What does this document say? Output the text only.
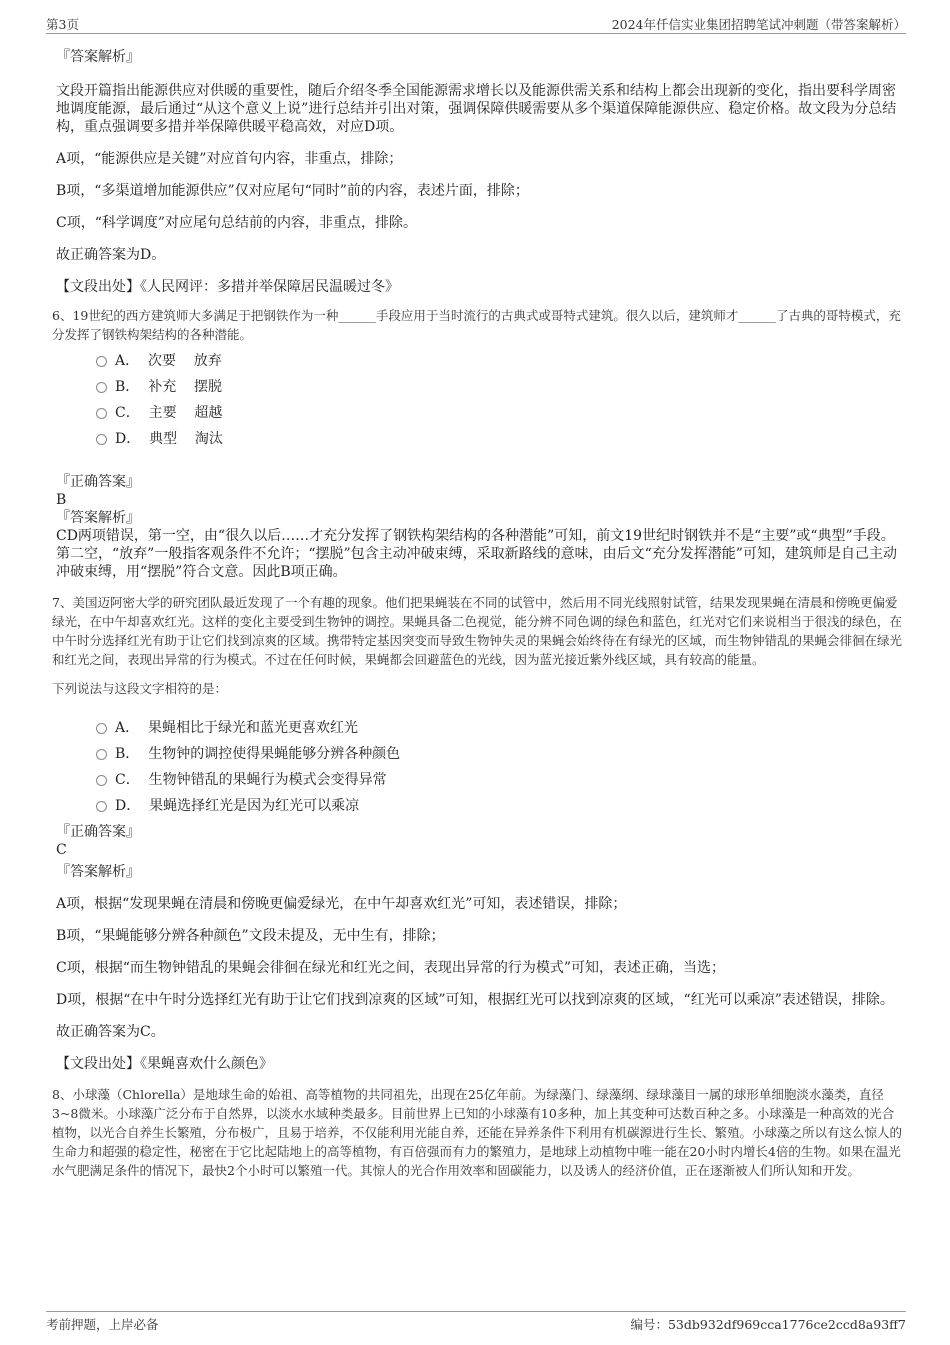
第3页	2024年仟信实业集团招聘笔试冲刺题（带答案解析）

『答案解析』

文段开篇指出能源供应对供暖的重要性，随后介绍冬季全国能源需求增长以及能源供需关系和结构上都会出现新的变化，指出要科学周密地调度能源，最后通过“从这个意义上说”进行总结并引出对策，强调保障供暖需要从多个渠道保障能源供应、稳定价格。故文段为分总结构，重点强调要多措并举保障供暖平稳高效，对应D项。

A项，“能源供应是关键”对应首句内容，非重点，排除；

B项，“多渠道增加能源供应”仅对应尾句“同时”前的内容，表述片面，排除；

C项，“科学调度”对应尾句总结前的内容，非重点，排除。

故正确答案为D。

【文段出处】《人民网评：多措并举保障居民温暖过冬》

6、19世纪的西方建筑师大多满足于把钢铁作为一种______手段应用于当时流行的古典式或哥特式建筑。很久以后，建筑师才______了古典的哥特模式，充分发挥了钢铁构架结构的各种潜能。

A．  次要    放弃
B．  补充    摆脱
C．  主要    超越
D．  典型    淘汰

『正确答案』

B

『答案解析』

CD两项错误，第一空，由“很久以后……才充分发挥了钢铁构架结构的各种潜能”可知，前文19世纪时钢铁并不是“主要”或“典型”手段。第二空，“放弃”一般指客观条件不允许；“摆脱”包含主动冲破束缚，采取新路线的意味，由后文“充分发挥潜能”可知，建筑师是自己主动冲破束缚，用“摆脱”符合文意。因此B项正确。

7、美国迈阿密大学的研究团队最近发现了一个有趣的现象。他们把果蝇装在不同的试管中，然后用不同光线照射试管，结果发现果蝇在清晨和傍晚更偏爱绿光，在中午却喜欢红光。这样的变化主要受到生物钟的调控。果蝇具备二色视觉，能分辨不同色调的绿色和蓝色，红光对它们来说相当于很浅的绿色，在中午时分选择红光有助于让它们找到凉爽的区域。携带特定基因突变而导致生物钟失灵的果蝇会始终待在有绿光的区域，而生物钟错乱的果蝇会徘徊在绿光和红光之间，表现出异常的行为模式。不过在任何时候，果蝇都会回避蓝色的光线，因为蓝光接近紫外线区域，具有较高的能量。

下列说法与这段文字相符的是：

A．  果蝇相比于绿光和蓝光更喜欢红光
B．  生物钟的调控使得果蝇能够分辨各种颜色
C．  生物钟错乱的果蝇行为模式会变得异常
D．  果蝇选择红光是因为红光可以乘凉

『正确答案』

C

『答案解析』

A项，根据“发现果蝇在清晨和傍晚更偏爱绿光，在中午却喜欢红光”可知，表述错误，排除；

B项，“果蝇能够分辨各种颜色”文段未提及，无中生有，排除；

C项，根据“而生物钟错乱的果蝇会徘徊在绿光和红光之间，表现出异常的行为模式”可知，表述正确，当选；

D项，根据“在中午时分选择红光有助于让它们找到凉爽的区域”可知，根据红光可以找到凉爽的区域，“红光可以乘凉”表述错误，排除。

故正确答案为C。

【文段出处】《果蝇喜欢什么颜色》

8、小球藻（Chlorella）是地球生命的始祖、高等植物的共同祖先，出现在25亿年前。为绿藻门、绿藻纲、绿球藻目一属的球形单细胞淡水藻类，直径3~8微米。小球藻广泛分布于自然界，以淡水水域种类最多。目前世界上已知的小球藻有10多种，加上其变种可达数百种之多。小球藻是一种高效的光合植物，以光合自养生长繁殖，分布极广，且易于培养，不仅能利用光能自养，还能在异养条件下利用有机碳源进行生长、繁殖。小球藻之所以有这么惊人的生命力和超强的稳定性，秘密在于它比起陆地上的高等植物，有百倍强而有力的繁殖力，是地球上动植物中唯一能在20小时内增长4倍的生物。如果在温光水气肥满足条件的情况下，最快2个小时可以繁殖一代。其惊人的光合作用效率和固碳能力，以及诱人的经济价值，正在逐渐被人们所认知和开发。

考前押题，上岸必备	编号：53db932df969cca1776ce2ccd8a93ff7
